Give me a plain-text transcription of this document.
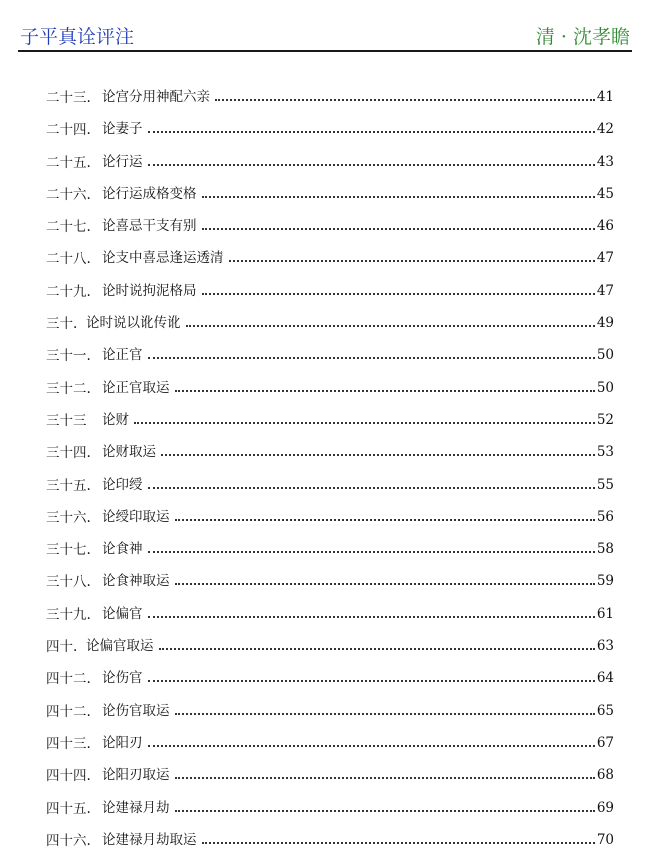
子平真诠评注	清 · 沈孝瞻
二十三. 论宫分用神配六亲	41
二十四. 论妻子	42
二十五. 论行运	43
二十六. 论行运成格变格	45
二十七. 论喜忌干支有别	46
二十八. 论支中喜忌逢运透清	47
二十九. 论时说拘泥格局	47
三十. 论时说以讹传讹	49
三十一. 论正官	50
三十二. 论正官取运	50
三十三 论财	52
三十四. 论财取运	53
三十五. 论印绶	55
三十六. 论绶印取运	56
三十七. 论食神	58
三十八. 论食神取运	59
三十九. 论偏官	61
四十. 论偏官取运	63
四十二. 论伤官	64
四十二. 论伤官取运	65
四十三. 论阳刃	67
四十四. 论阳刃取运	68
四十五. 论建禄月劫	69
四十六. 论建禄月劫取运	70
